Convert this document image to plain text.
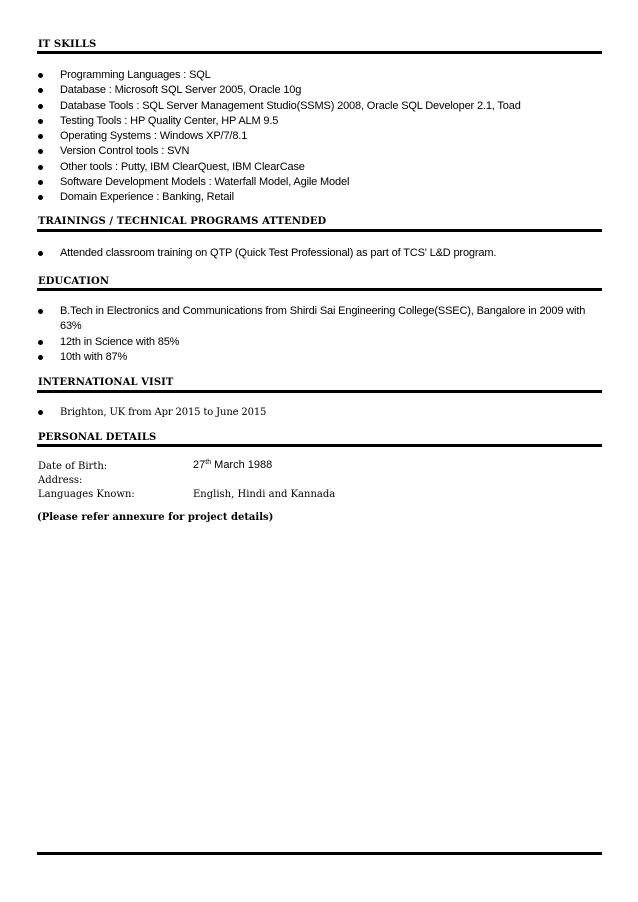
IT SKILLS
Programming Languages : SQL
Database : Microsoft SQL Server 2005, Oracle 10g
Database Tools : SQL Server Management Studio(SSMS) 2008, Oracle SQL Developer 2.1, Toad
Testing Tools : HP Quality Center, HP ALM 9.5
Operating Systems : Windows XP/7/8.1
Version Control tools : SVN
Other tools : Putty, IBM ClearQuest, IBM ClearCase
Software Development Models : Waterfall Model, Agile Model
Domain Experience : Banking, Retail
TRAININGS / TECHNICAL PROGRAMS ATTENDED
Attended classroom training on QTP (Quick Test Professional) as part of TCS' L&D program.
EDUCATION
B.Tech in Electronics and Communications from Shirdi Sai Engineering College(SSEC), Bangalore in 2009 with 63%
12th in Science with 85%
10th with 87%
INTERNATIONAL VISIT
Brighton, UK from Apr 2015 to June 2015
PERSONAL DETAILS
Date of Birth:	27th March 1988
Address:
Languages Known:	English, Hindi and Kannada
(Please refer annexure for project details)
